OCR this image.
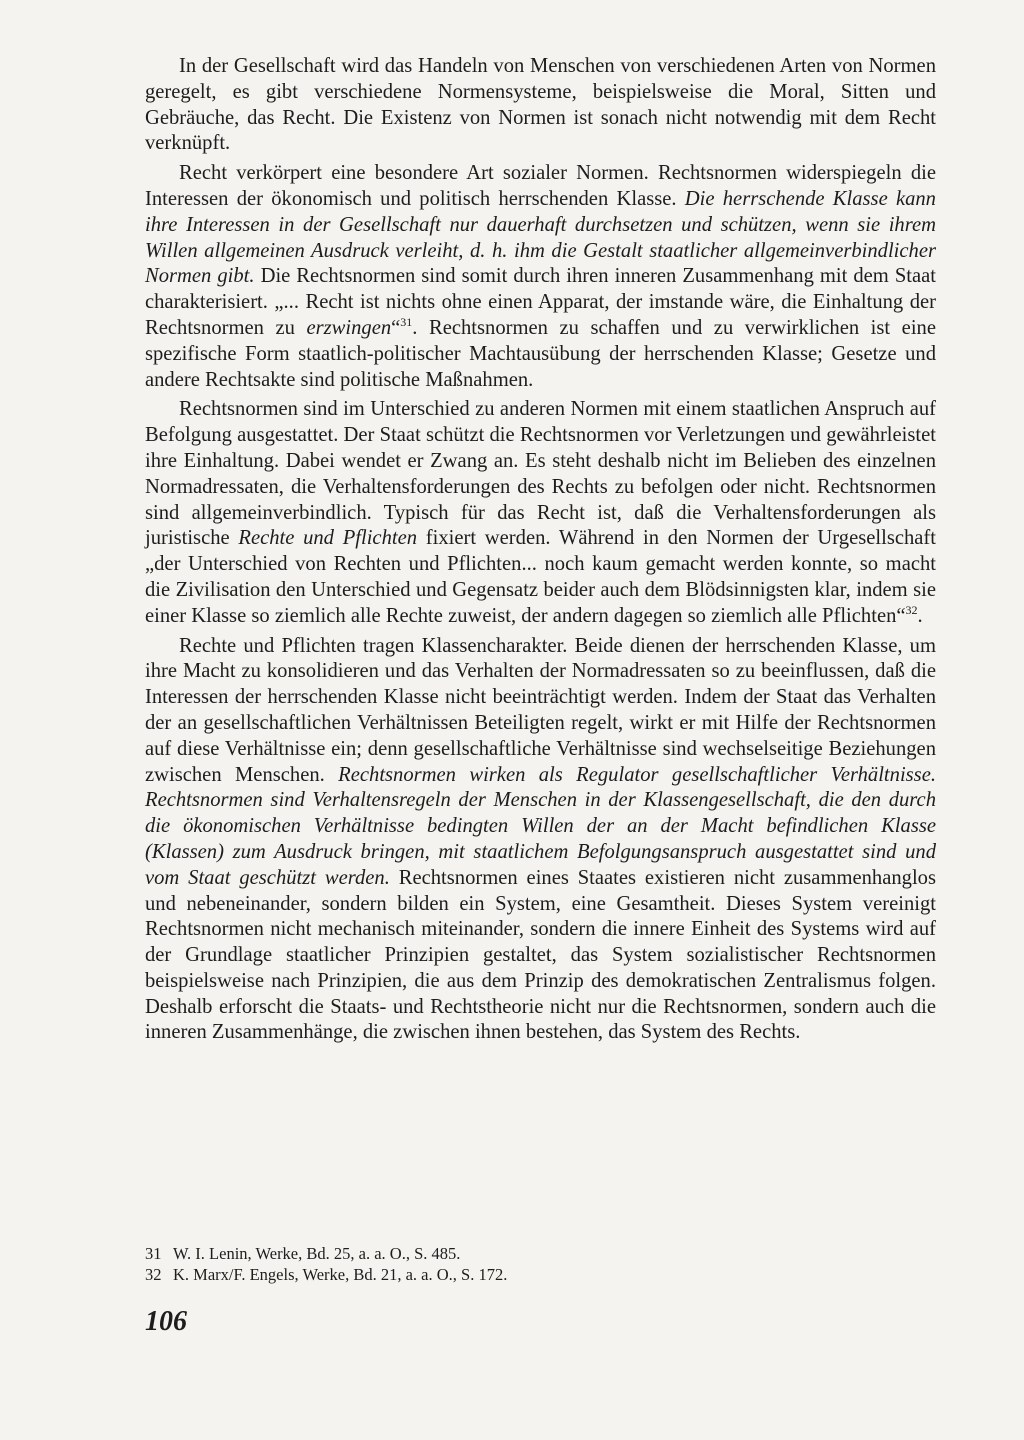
In der Gesellschaft wird das Handeln von Menschen von verschiedenen Arten von Normen geregelt, es gibt verschiedene Normensysteme, beispielsweise die Moral, Sitten und Gebräuche, das Recht. Die Existenz von Normen ist sonach nicht notwendig mit dem Recht verknüpft.

Recht verkörpert eine besondere Art sozialer Normen. Rechtsnormen widerspiegeln die Interessen der ökonomisch und politisch herrschenden Klasse. Die herrschende Klasse kann ihre Interessen in der Gesellschaft nur dauerhaft durchsetzen und schützen, wenn sie ihrem Willen allgemeinen Ausdruck verleiht, d. h. ihm die Gestalt staatlicher allgemeinverbindlicher Normen gibt. Die Rechtsnormen sind somit durch ihren inneren Zusammenhang mit dem Staat charakterisiert. „... Recht ist nichts ohne einen Apparat, der imstande wäre, die Einhaltung der Rechtsnormen zu erzwingen“$^{31}$. Rechtsnormen zu schaffen und zu verwirklichen ist eine spezifische Form staatlich-politischer Machtausübung der herrschenden Klasse; Gesetze und andere Rechtsakte sind politische Maßnahmen.

Rechtsnormen sind im Unterschied zu anderen Normen mit einem staatlichen Anspruch auf Befolgung ausgestattet. Der Staat schützt die Rechtsnormen vor Verletzungen und gewährleistet ihre Einhaltung. Dabei wendet er Zwang an. Es steht deshalb nicht im Belieben des einzelnen Normadressaten, die Verhaltensforderungen des Rechts zu befolgen oder nicht. Rechtsnormen sind allgemeinverbindlich. Typisch für das Recht ist, daß die Verhaltensforderungen als juristische Rechte und Pflichten fixiert werden. Während in den Normen der Urgesellschaft „der Unterschied von Rechten und Pflichten... noch kaum gemacht werden konnte, so macht die Zivilisation den Unterschied und Gegensatz beider auch dem Blödsinnigsten klar, indem sie einer Klasse so ziemlich alle Rechte zuweist, der andern dagegen so ziemlich alle Pflichten“$^{32}$.

Rechte und Pflichten tragen Klassencharakter. Beide dienen der herrschenden Klasse, um ihre Macht zu konsolidieren und das Verhalten der Normadressaten so zu beeinflussen, daß die Interessen der herrschenden Klasse nicht beeinträchtigt werden. Indem der Staat das Verhalten der an gesellschaftlichen Verhältnissen Beteiligten regelt, wirkt er mit Hilfe der Rechtsnormen auf diese Verhältnisse ein; denn gesellschaftliche Verhältnisse sind wechselseitige Beziehungen zwischen Menschen. Rechtsnormen wirken als Regulator gesellschaftlicher Verhältnisse. Rechtsnormen sind Verhaltensregeln der Menschen in der Klassengesellschaft, die den durch die ökonomischen Verhältnisse bedingten Willen der an der Macht befindlichen Klasse (Klassen) zum Ausdruck bringen, mit staatlichem Befolgungsanspruch ausgestattet sind und vom Staat geschützt werden. Rechtsnormen eines Staates existieren nicht zusammenhanglos und nebeneinander, sondern bilden ein System, eine Gesamtheit. Dieses System vereinigt Rechtsnormen nicht mechanisch miteinander, sondern die innere Einheit des Systems wird auf der Grundlage staatlicher Prinzipien gestaltet, das System sozialistischer Rechtsnormen beispielsweise nach Prinzipien, die aus dem Prinzip des demokratischen Zentralismus folgen. Deshalb erforscht die Staats- und Rechtstheorie nicht nur die Rechtsnormen, sondern auch die inneren Zusammenhänge, die zwischen ihnen bestehen, das System des Rechts.

31 W. I. Lenin, Werke, Bd. 25, a. a. O., S. 485.
32 K. Marx/F. Engels, Werke, Bd. 21, a. a. O., S. 172.
106
